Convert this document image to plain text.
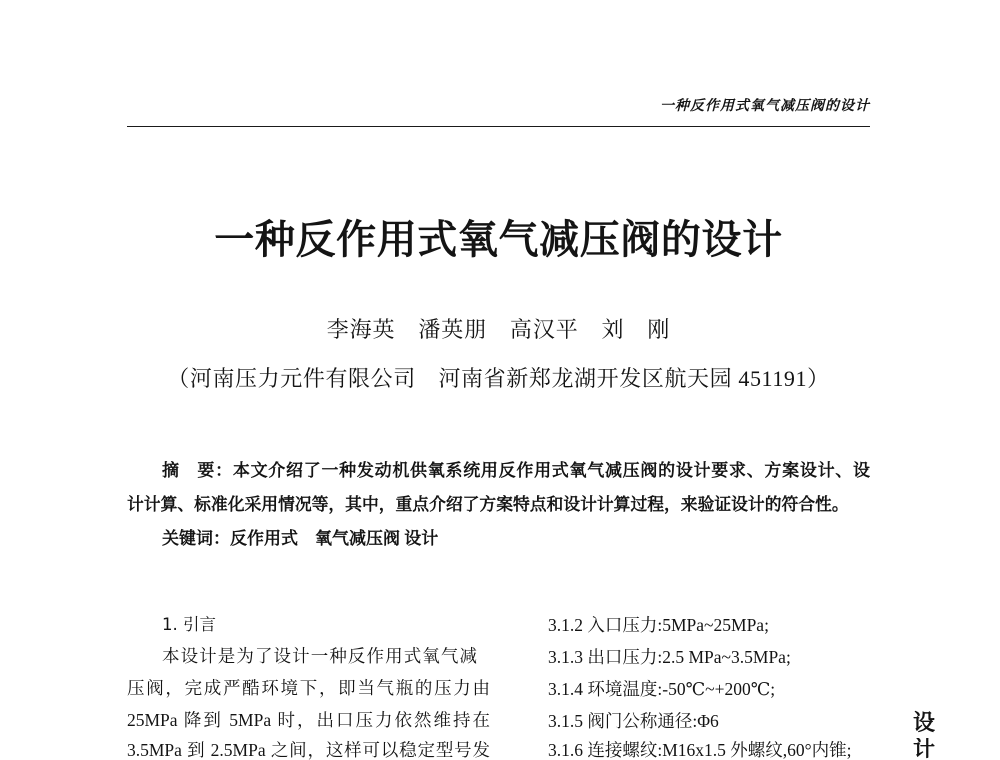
一种反作用式氧气减压阀的设计
一种反作用式氧气减压阀的设计
李海英　潘英朋　高汉平　刘　刚
（河南压力元件有限公司　河南省新郑龙湖开发区航天园 451191）
摘　要：本文介绍了一种发动机供氧系统用反作用式氧气减压阀的设计要求、方案设计、设
计计算、标准化采用情况等，其中，重点介绍了方案特点和设计计算过程，来验证设计的符合性。
关键词：反作用式　氧气减压阀 设计
1. 引言
本设计是为了设计一种反作用式氧气减
压阀，完成严酷环境下，即当气瓶的压力由
25MPa 降到 5MPa 时，出口压力依然维持在
3.5MPa 到 2.5MPa 之间，这样可以稳定型号发
3.1.2 入口压力:5MPa~25MPa;
3.1.3 出口压力:2.5 MPa~3.5MPa;
3.1.4 环境温度:-50℃~+200℃;
3.1.5 阀门公称通径:Φ6
3.1.6 连接螺纹:M16x1.5 外螺纹,60°内锥;
设
计
